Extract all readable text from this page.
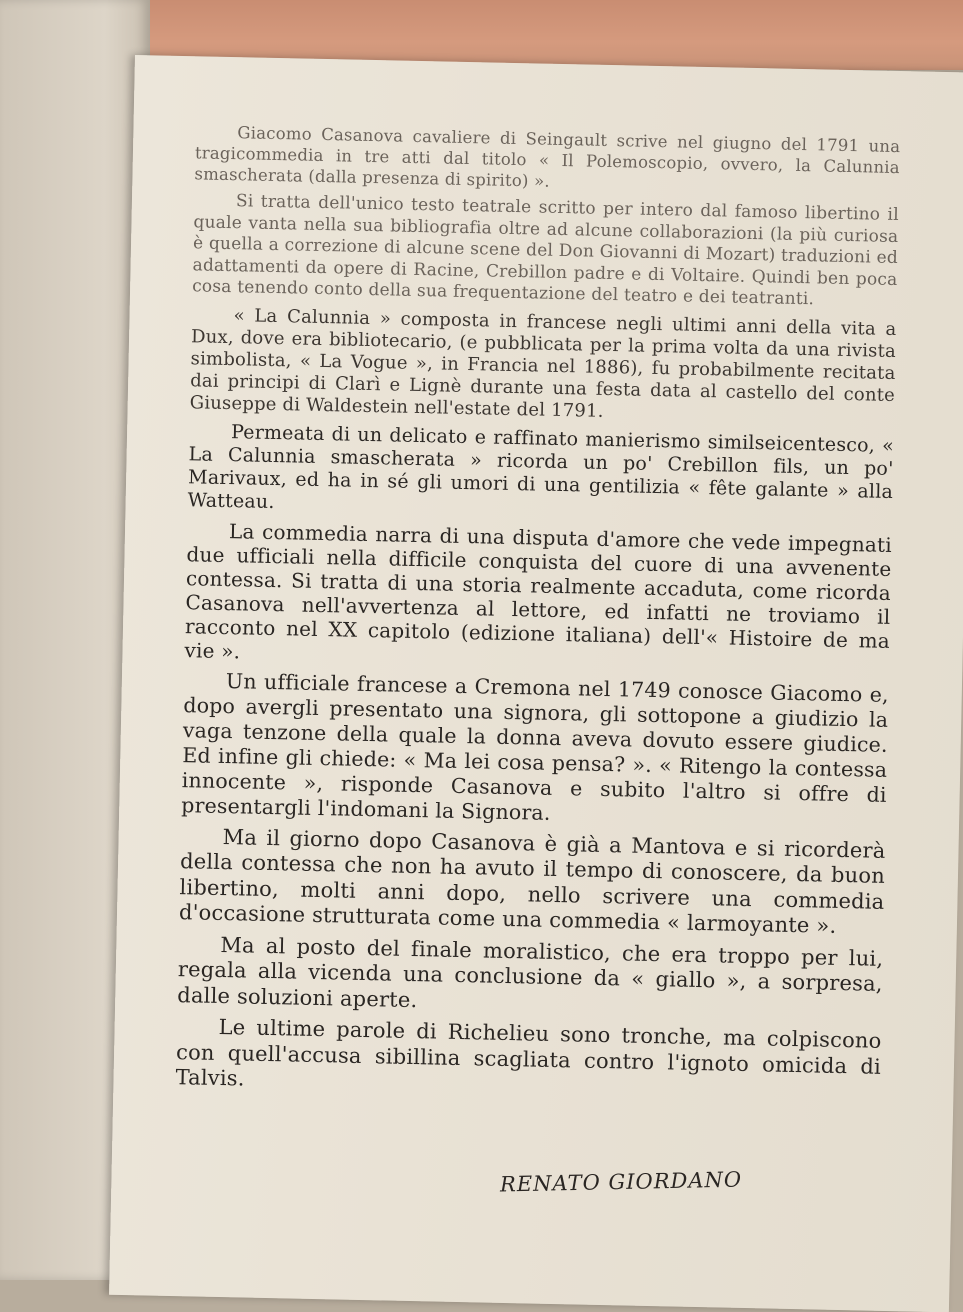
Giacomo Casanova cavaliere di Seingault scrive nel giugno del 1791 una tragicommedia in tre atti dal titolo « Il Polemoscopio, ovvero, la Calunnia smascherata (dalla presenza di spirito) ».

Si tratta dell'unico testo teatrale scritto per intero dal famoso libertino il quale vanta nella sua bibliografia oltre ad alcune collaborazioni (la più curiosa è quella a correzione di alcune scene del Don Giovanni di Mozart) traduzioni ed adattamenti da opere di Racine, Crebillon padre e di Voltaire. Quindi ben poca cosa tenendo conto della sua frequentazione del teatro e dei teatranti.

« La Calunnia » composta in francese negli ultimi anni della vita a Dux, dove era bibliotecario, (e pubblicata per la prima volta da una rivista simbolista, « La Vogue », in Francia nel 1886), fu probabilmente recitata dai principi di Clarì e Lignè durante una festa data al castello del conte Giuseppe di Waldestein nell'estate del 1791.

Permeata di un delicato e raffinato manierismo similseicentesco, « La Calunnia smascherata » ricorda un po' Crebillon fils, un po' Marivaux, ed ha in sé gli umori di una gentilizia « fête galante » alla Watteau.

La commedia narra di una disputa d'amore che vede impegnati due ufficiali nella difficile conquista del cuore di una avvenente contessa. Si tratta di una storia realmente accaduta, come ricorda Casanova nell'avvertenza al lettore, ed infatti ne troviamo il racconto nel XX capitolo (edizione italiana) dell'« Histoire de ma vie ».

Un ufficiale francese a Cremona nel 1749 conosce Giacomo e, dopo avergli presentato una signora, gli sottopone a giudizio la vaga tenzone della quale la donna aveva dovuto essere giudice. Ed infine gli chiede: « Ma lei cosa pensa? ». « Ritengo la contessa innocente », risponde Casanova e subito l'altro si offre di presentargli l'indomani la Signora.

Ma il giorno dopo Casanova è già a Mantova e si ricorderà della contessa che non ha avuto il tempo di conoscere, da buon libertino, molti anni dopo, nello scrivere una commedia d'occasione strutturata come una commedia « larmoyante ».

Ma al posto del finale moralistico, che era troppo per lui, regala alla vicenda una conclusione da « giallo », a sorpresa, dalle soluzioni aperte.

Le ultime parole di Richelieu sono tronche, ma colpiscono con quell'accusa sibillina scagliata contro l'ignoto omicida di Talvis.

RENATO GIORDANO
